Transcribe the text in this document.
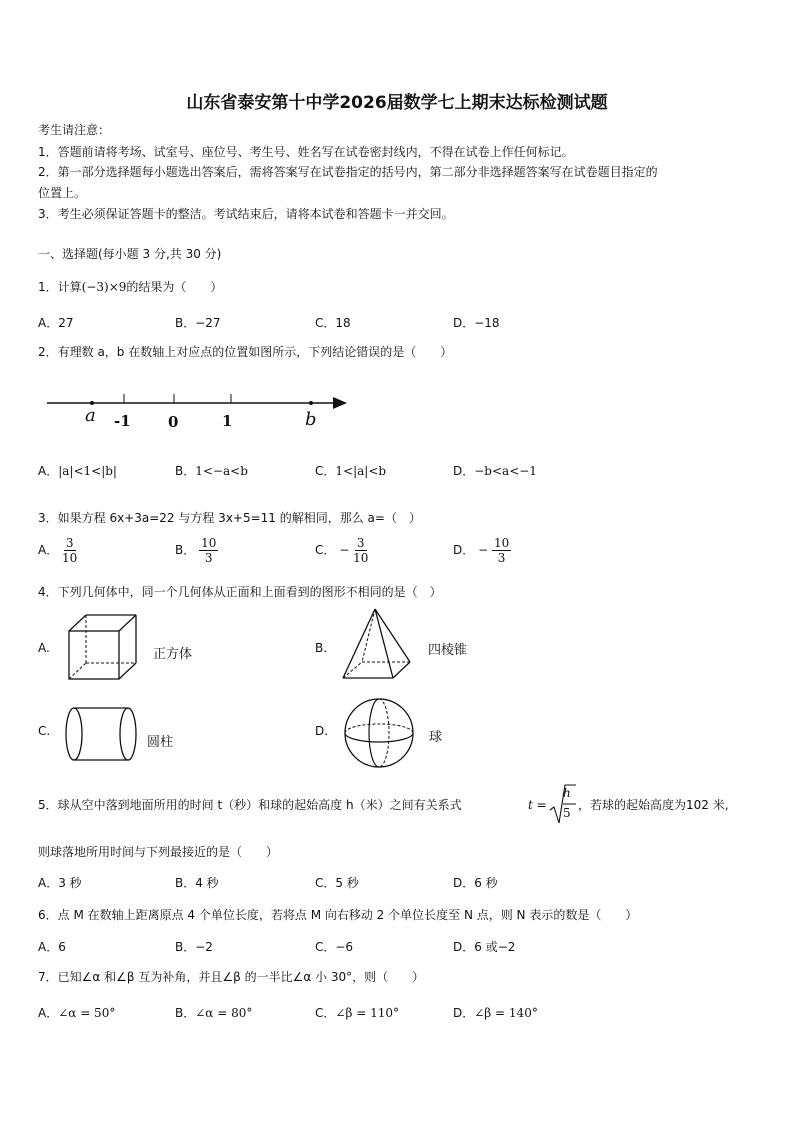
山东省泰安第十中学2026届数学七上期末达标检测试题
考生请注意：
1．答题前请将考场、试室号、座位号、考生号、姓名写在试卷密封线内，不得在试卷上作任何标记。
2．第一部分选择题每小题选出答案后，需将答案写在试卷指定的括号内，第二部分非选择题答案写在试卷题目指定的
位置上。
3．考生必须保证答题卡的整洁。考试结束后，请将本试卷和答题卡一并交回。
一、选择题(每小题 3 分,共 30 分)
1．计算(−3)×9的结果为（　　）
A．27	B．−27	C．18	D．−18
2．有理数 a，b 在数轴上对应点的位置如图所示，下列结论错误的是（　　）
a -1 0	1	b
A．|a|<1<|b|	B．1<−a<b	C．1<|a|<b	D．−b<a<−1
3．如果方程 6x+3a=22 与方程 3x+5=11 的解相同，那么 a=（　）
A． $\frac{3}{10}$	B． $\frac{10}{3}$	C． − $\frac{3}{10}$	D． − $\frac{10}{3}$
4．下列几何体中，同一个几何体从正面和上面看到的图形不相同的是（　）
A.	正方体	B.	四棱锥
C.
圆柱
D.	球
5．球从空中落到地面所用的时间 t（秒）和球的起始高度 h（米）之间有关系式	t =
h
5
，若球的起始高度为102 米,
则球落地所用时间与下列最接近的是（　　）
A．3 秒	B．4 秒	C．5 秒	D．6 秒
6．点 M 在数轴上距离原点 4 个单位长度，若将点 M 向右移动 2 个单位长度至 N 点，则 N 表示的数是（　　）
A．6	B．−2	C．−6	D．6 或−2
7．已知∠α 和∠β 互为补角，并且∠β 的一半比∠α 小 30°，则（　　）
A．∠α = 50°	B．∠α = 80°	C．∠β = 110°	D．∠β = 140°
